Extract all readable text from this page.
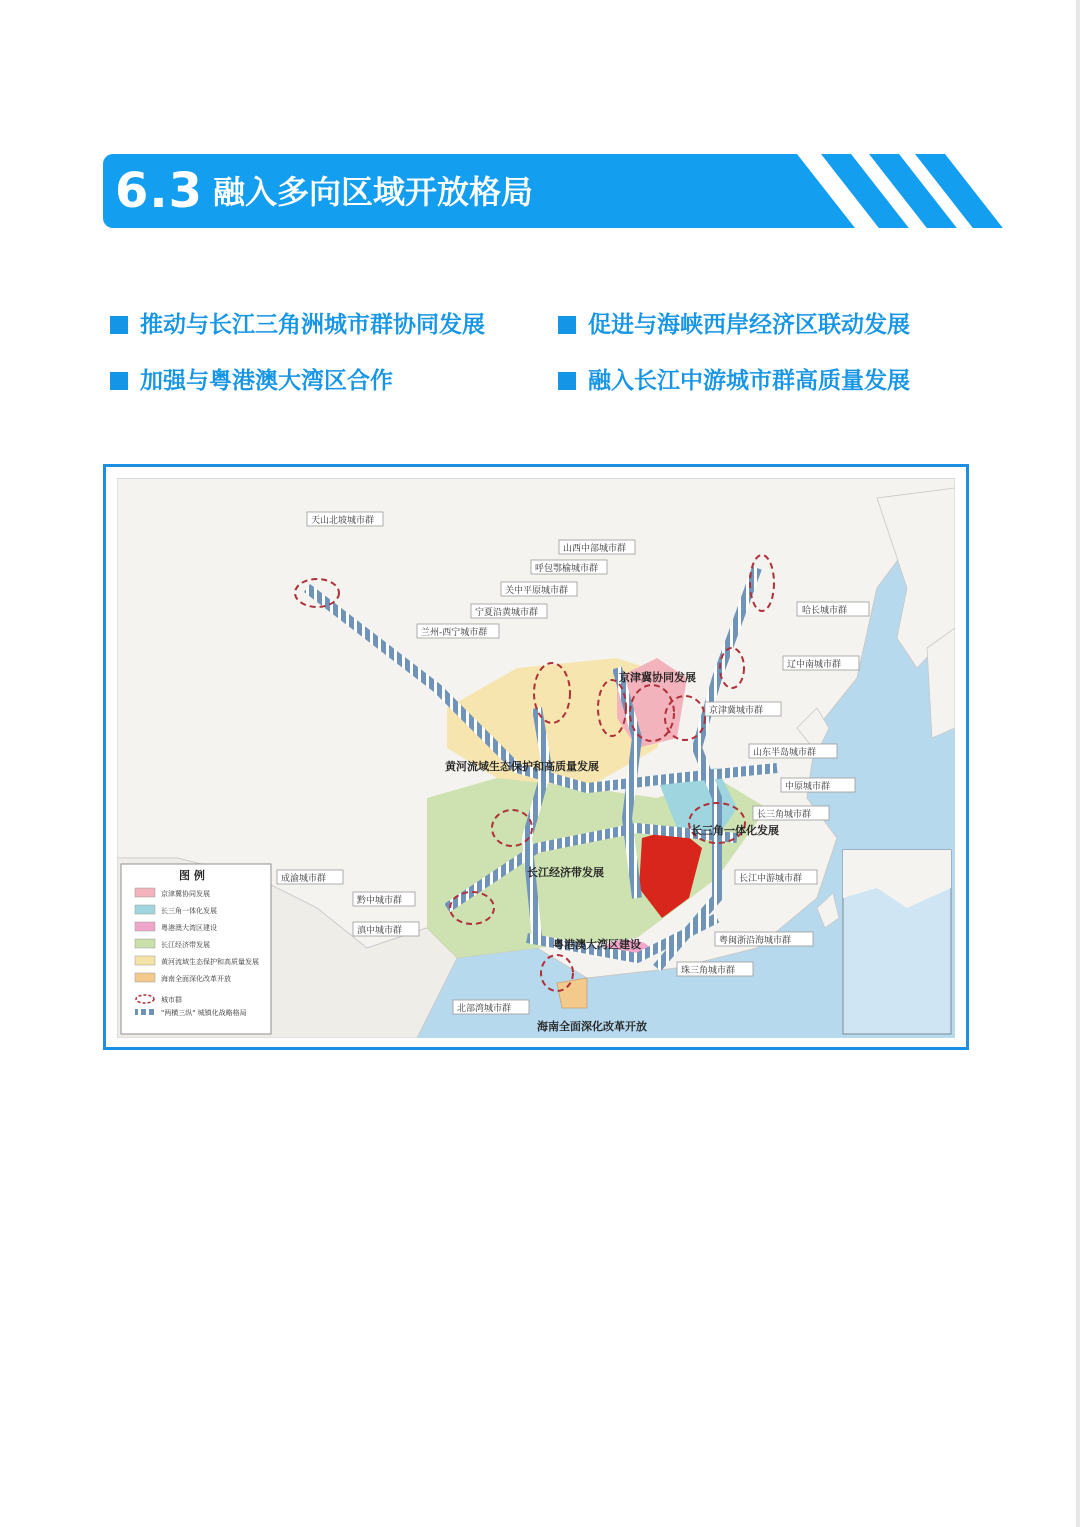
6.3 融入多向区域开放格局
推动与长江三角洲城市群协同发展	促进与海峡西岸经济区联动发展
加强与粤港澳大湾区合作	融入长江中游城市群高质量发展
天山北坡城市群
山西中部城市群
呼包鄂榆城市群
关中平原城市群
宁夏沿黄城市群
兰州-西宁城市群
哈长城市群
辽中南城市群
京津冀城市群
山东半岛城市群
中原城市群
长三角城市群
长江中游城市群
成渝城市群
黔中城市群
滇中城市群
粤闽浙沿海城市群
珠三角城市群
北部湾城市群
京津冀协同发展
黄河流域生态保护和高质量发展
长三角一体化发展
长江经济带发展
粤港澳大湾区建设
海南全面深化改革开放
图 例
京津冀协同发展
长三角一体化发展
粤港澳大湾区建设
长江经济带发展
黄河流域生态保护和高质量发展
海南全面深化改革开放
城市群
"两横三纵" 城镇化战略格局
